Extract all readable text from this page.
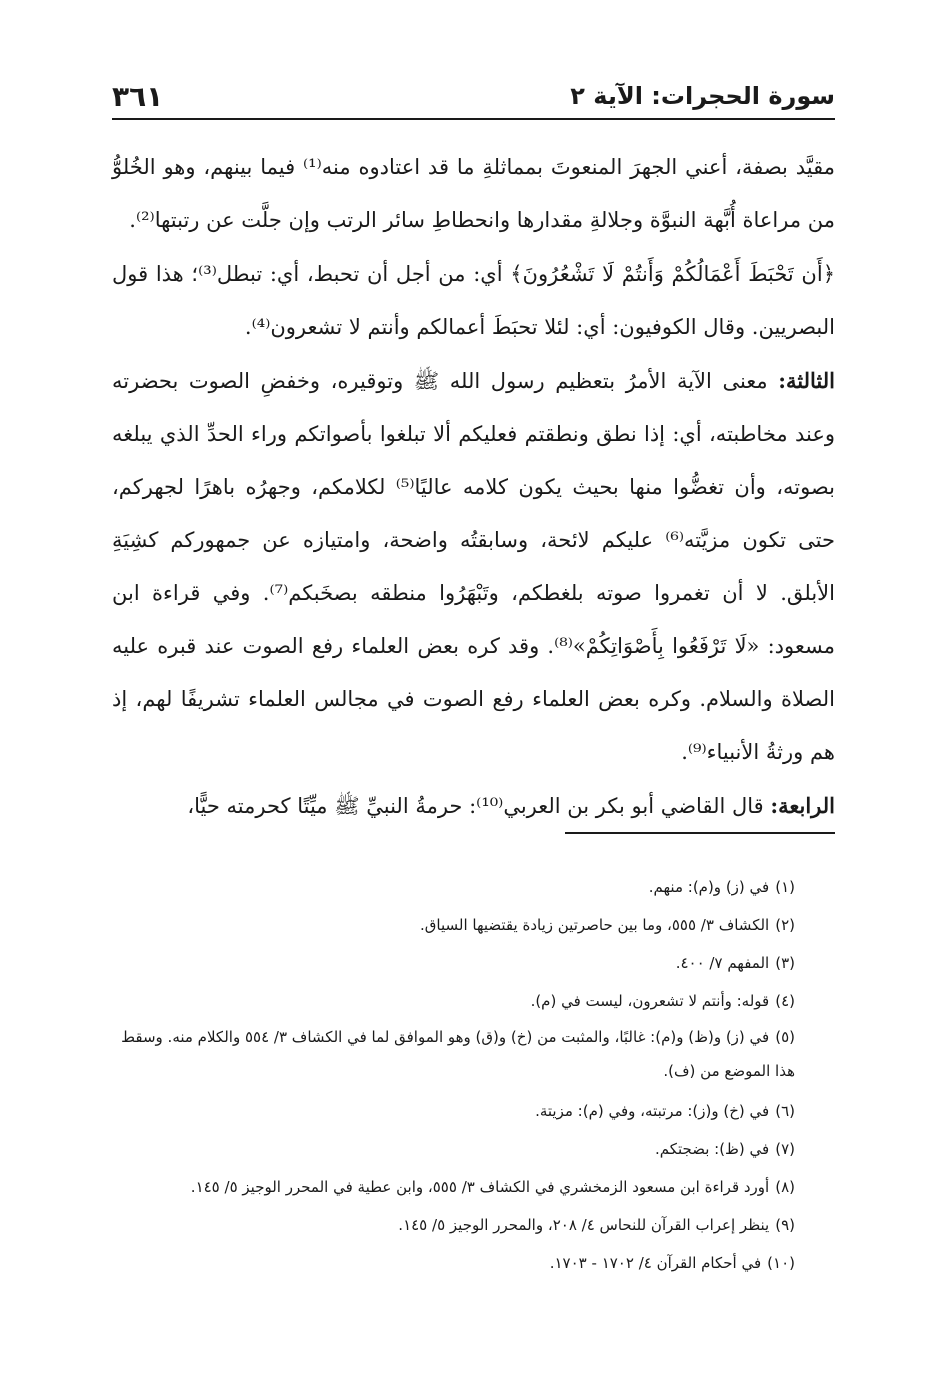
سورة الحجرات: الآية ٢
٣٦١

مقيَّد بصفة، أعني الجهرَ المنعوتَ بمماثلةِ ما قد اعتادوه منه⁽¹⁾ فيما بينهم، وهو الخُلوُّ من مراعاة أُبَّهة النبوَّة وجلالةِ مقدارها وانحطاطِ سائر الرتب وإن جلَّت عن رتبتها⁽²⁾.

﴿أَن تَحْبَطَ أَعْمَالُكُمْ وَأَنتُمْ لَا تَشْعُرُونَ﴾ أي: من أجل أن تحبط، أي: تبطل⁽³⁾؛ هذا قول البصريين. وقال الكوفيون: أي: لئلا تحبَطَ أعمالكم وأنتم لا تشعرون⁽⁴⁾.

الثالثة: معنى الآية الأمرُ بتعظيم رسول الله ﷺ وتوقيره، وخفضِ الصوت بحضرته وعند مخاطبته، أي: إذا نطق ونطقتم فعليكم ألا تبلغوا بأصواتكم وراء الحدِّ الذي يبلغه بصوته، وأن تغضُّوا منها بحيث يكون كلامه عاليًا⁽⁵⁾ لكلامكم، وجهرُه باهرًا لجهركم، حتى تكون مزيَّته⁽⁶⁾ عليكم لائحة، وسابقتُه واضحة، وامتيازه عن جمهوركم كشِيَةِ الأبلق. لا أن تغمروا صوته بلغطكم، وتَبْهَرُوا منطقه بصخَبكم⁽⁷⁾. وفي قراءة ابن مسعود: «لَا تَرْفَعُوا بِأَصْوَاتِكُمْ»⁽⁸⁾. وقد كره بعض العلماء رفع الصوت عند قبره عليه الصلاة والسلام. وكره بعض العلماء رفع الصوت في مجالس العلماء تشريفًا لهم، إذ هم ورثةُ الأنبياء⁽⁹⁾.

الرابعة: قال القاضي أبو بكر بن العربي⁽¹⁰⁾: حرمةُ النبيِّ ﷺ ميِّتًا كحرمته حيًّا،

(١)في (ز) و(م): منهم.

(٢)الكشاف ٣/ ٥٥٥، وما بين حاصرتين زيادة يقتضيها السياق.

(٣)المفهم ٧/ ٤٠٠.

(٤)قوله: وأنتم لا تشعرون، ليست في (م).

(٥)في (ز) و(ظ) و(م): غالبًا، والمثبت من (خ) و(ق) وهو الموافق لما في الكشاف ٣/ ٥٥٤ والكلام منه. وسقط هذا الموضع من (ف).

(٦)في (خ) و(ز): مرتبته، وفي (م): مزيتة.

(٧)في (ظ): بضجتكم.

(٨)أورد قراءة ابن مسعود الزمخشري في الكشاف ٣/ ٥٥٥، وابن عطية في المحرر الوجيز ٥/ ١٤٥.

(٩)ينظر إعراب القرآن للنحاس ٤/ ٢٠٨، والمحرر الوجيز ٥/ ١٤٥.

(١٠)في أحكام القرآن ٤/ ١٧٠٢ - ١٧٠٣.
